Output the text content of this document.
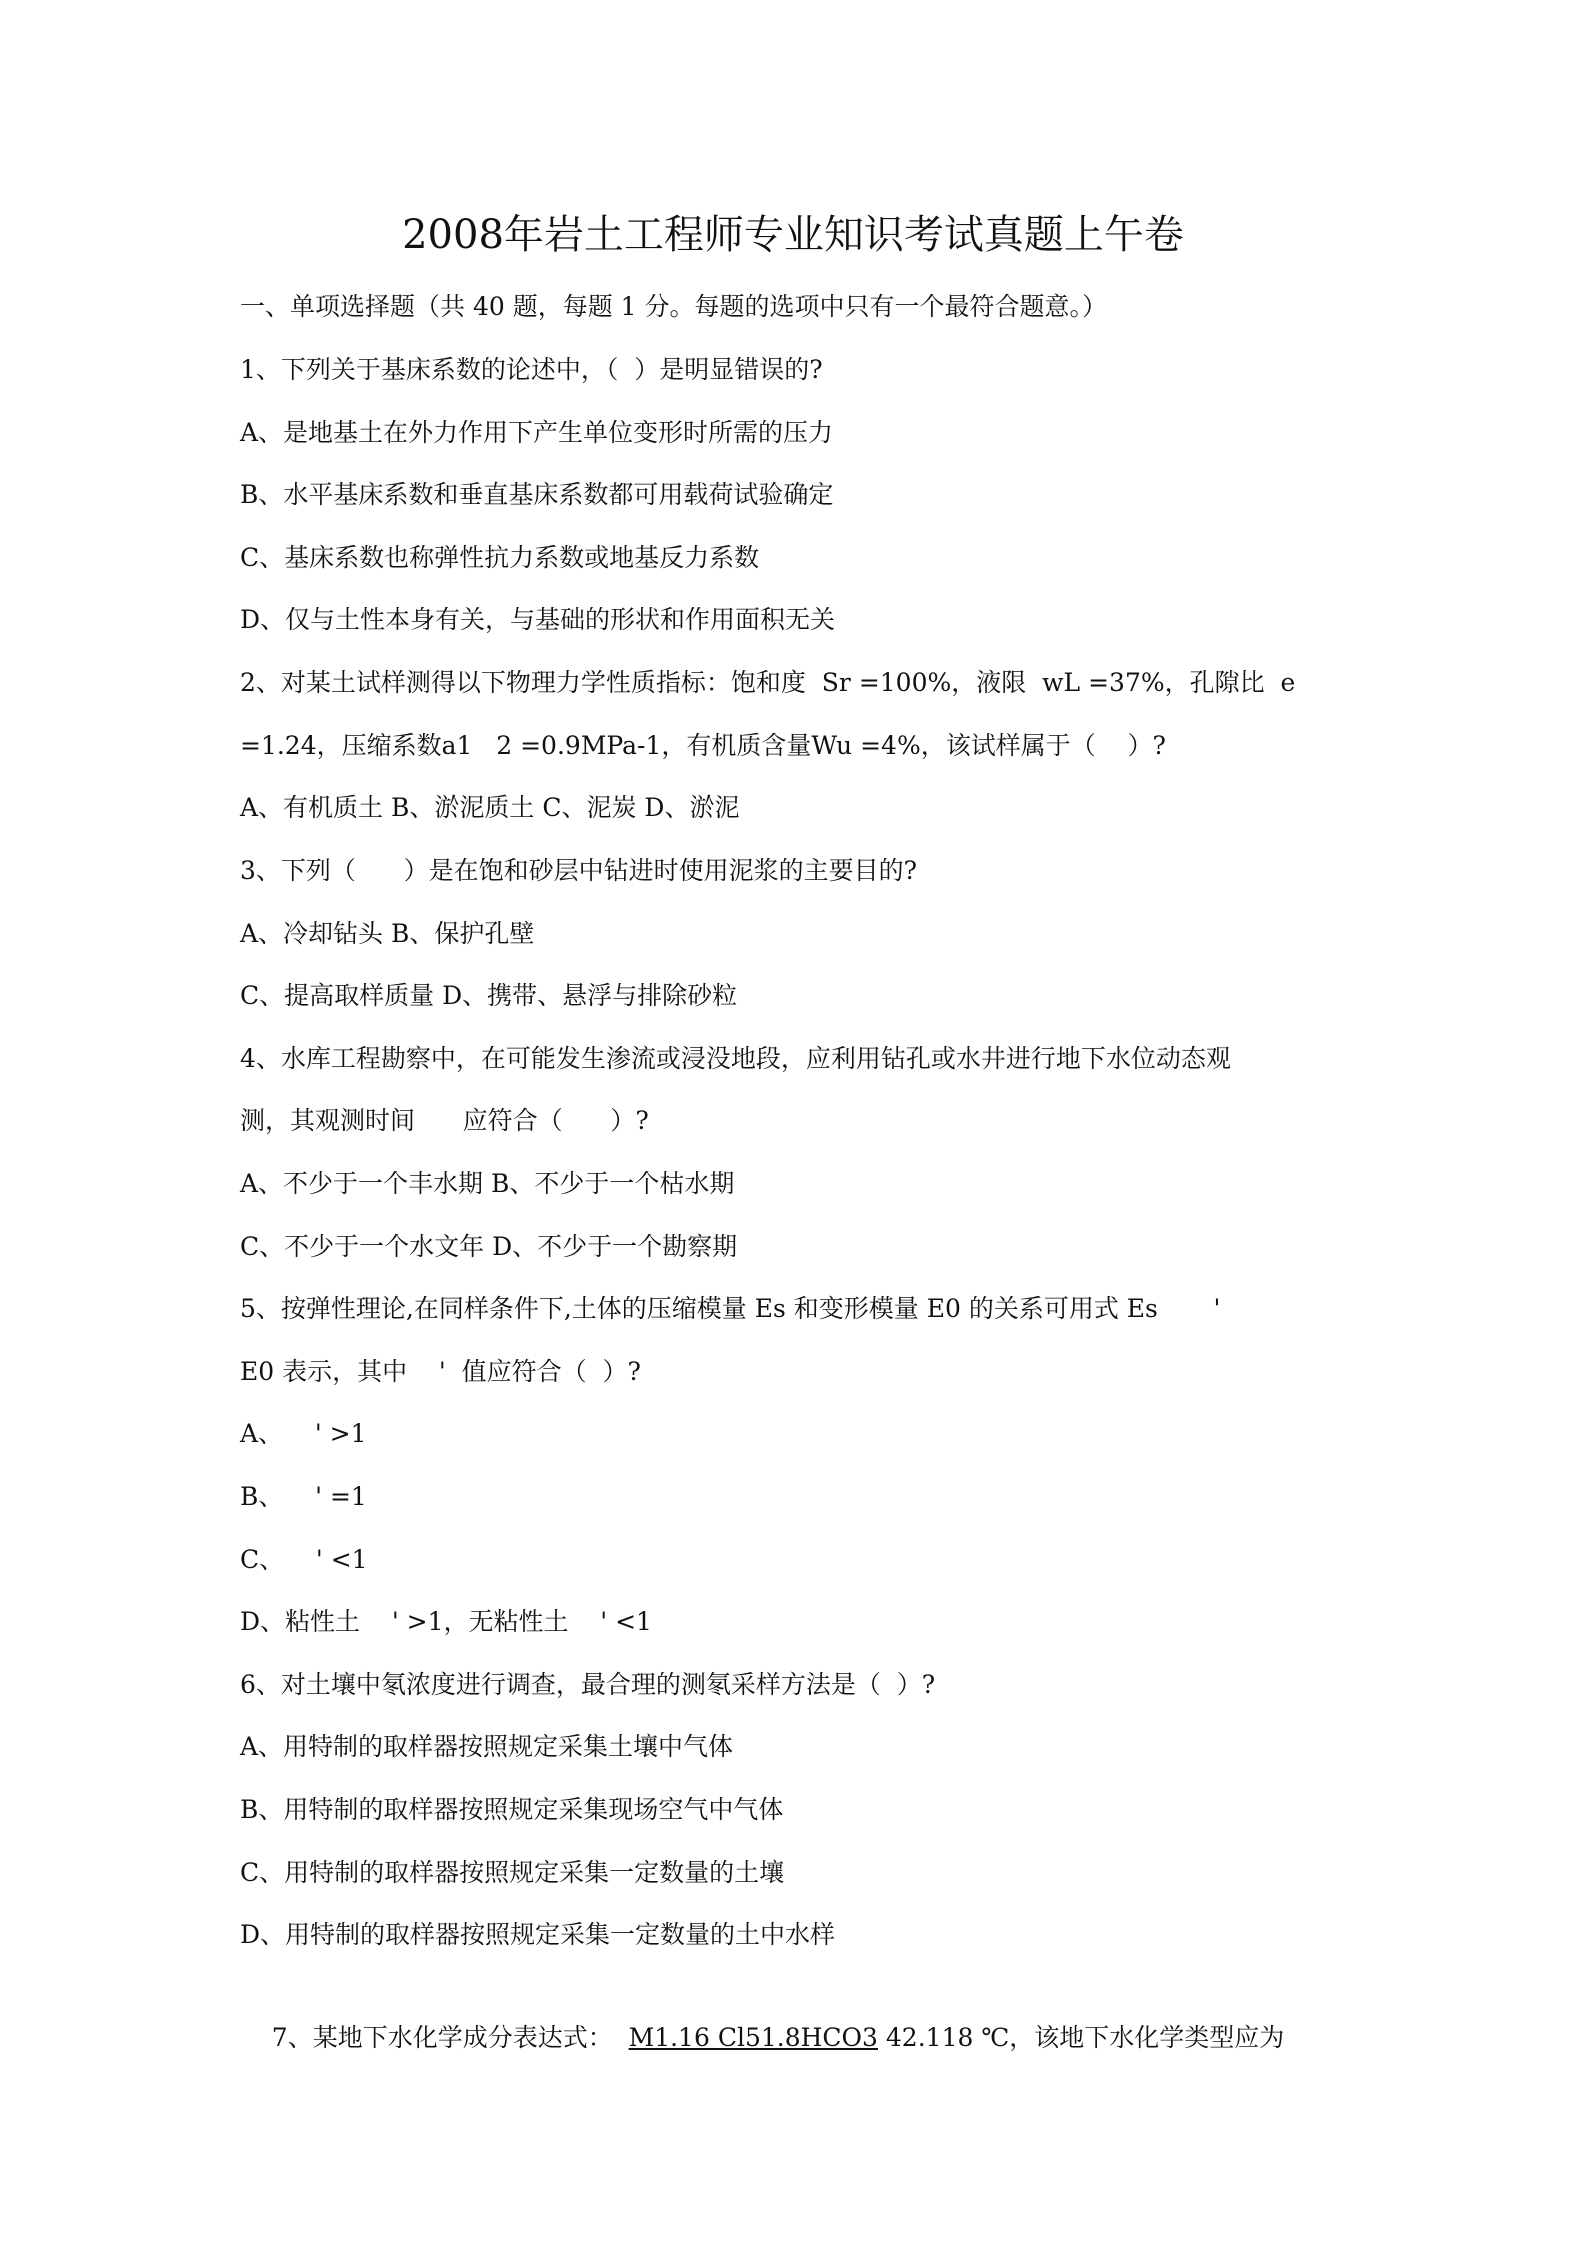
2008年岩土工程师专业知识考试真题上午卷
一、单项选择题（共 40 题，每题 1 分。每题的选项中只有一个最符合题意。）
1、下列关于基床系数的论述中，（  ）是明显错误的?
A、是地基土在外力作用下产生单位变形时所需的压力
B、水平基床系数和垂直基床系数都可用载荷试验确定
C、基床系数也称弹性抗力系数或地基反力系数
D、仅与土性本身有关，与基础的形状和作用面积无关
2、对某土试样测得以下物理力学性质指标：饱和度  Sr =100%，液限  wL =37%，孔隙比  e
=1.24，压缩系数a1   2 =0.9MPa-1，有机质含量Wu =4%，该试样属于（    ）?
A、有机质土 B、淤泥质土 C、泥炭 D、淤泥
3、下列（      ）是在饱和砂层中钻进时使用泥浆的主要目的?
A、冷却钻头 B、保护孔壁
C、提高取样质量 D、携带、悬浮与排除砂粒
4、水库工程勘察中，在可能发生渗流或浸没地段，应利用钻孔或水井进行地下水位动态观
测，其观测时间      应符合（      ）?
A、不少于一个丰水期 B、不少于一个枯水期
C、不少于一个水文年 D、不少于一个勘察期
5、按弹性理论,在同样条件下,土体的压缩模量 Es 和变形模量 E0 的关系可用式 Es       '
E0 表示，其中    '  值应符合（  ）?
A、    ' >1
B、    ' =1
C、    ' <1
D、粘性土    ' >1，无粘性土    ' <1
6、对土壤中氡浓度进行调查，最合理的测氡采样方法是（  ）?
A、用特制的取样器按照规定采集土壤中气体
B、用特制的取样器按照规定采集现场空气中气体
C、用特制的取样器按照规定采集一定数量的土壤
D、用特制的取样器按照规定采集一定数量的土中水样

7、某地下水化学成分表达式：  M1.16 Cl51.8HCO3 42.118 ℃，该地下水化学类型应为
